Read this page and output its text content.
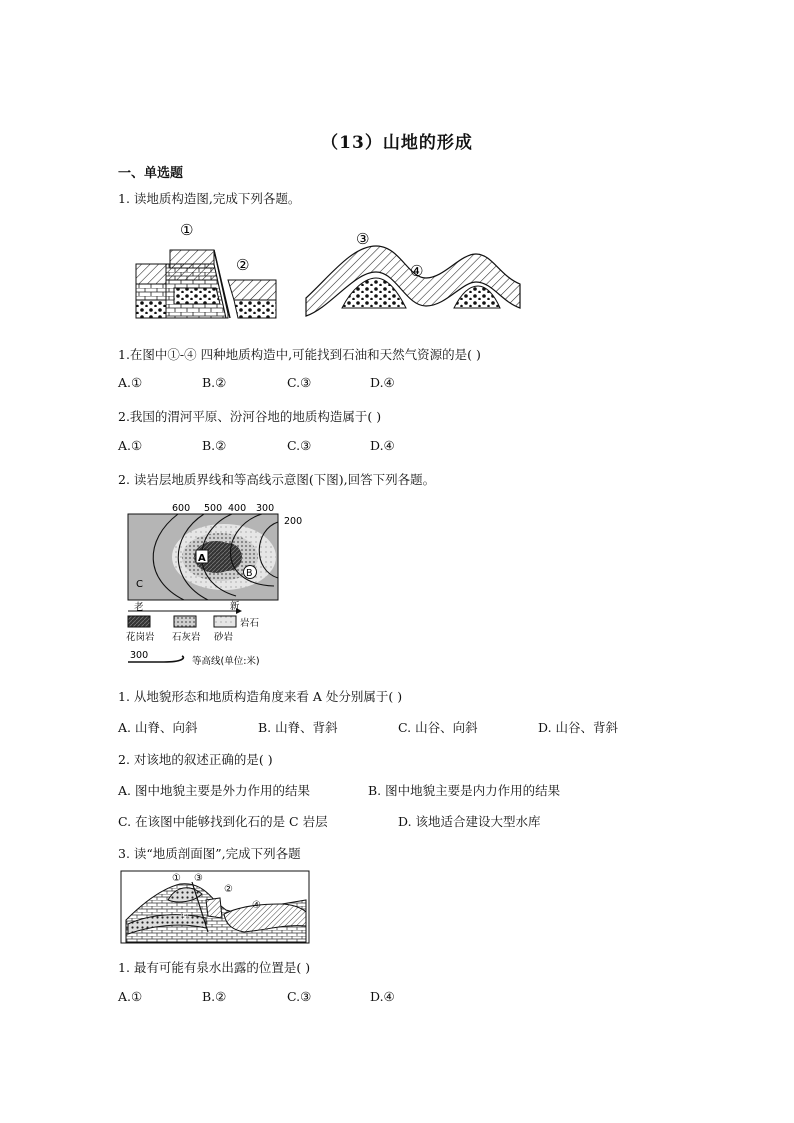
（13）山地的形成
一、单选题
1. 读地质构造图,完成下列各题。
①
②
③
④
1.在图中①-④ 四种地质构造中,可能找到石油和天然气资源的是( )
A.①	B.②	C.③	D.④
2.我国的渭河平原、汾河谷地的地质构造属于( )
A.①	B.②	C.③	D.④
2. 读岩层地质界线和等高线示意图(下图),回答下列各题。
A
B
C
600 500 400 300
200
老	新
岩石
花岗岩 石灰岩 砂岩
300
等高线(单位:米)
1. 从地貌形态和地质构造角度来看 A 处分别属于( )
A. 山脊、向斜	B. 山脊、背斜	C. 山谷、向斜	D. 山谷、背斜
2. 对该地的叙述正确的是( )
A. 图中地貌主要是外力作用的结果	B. 图中地貌主要是内力作用的结果
C. 在该图中能够找到化石的是 C 岩层	D. 该地适合建设大型水库
3. 读“地质剖面图”,完成下列各题
① ③
②
④
⑤
1. 最有可能有泉水出露的位置是( )
A.①	B.②	C.③	D.④
